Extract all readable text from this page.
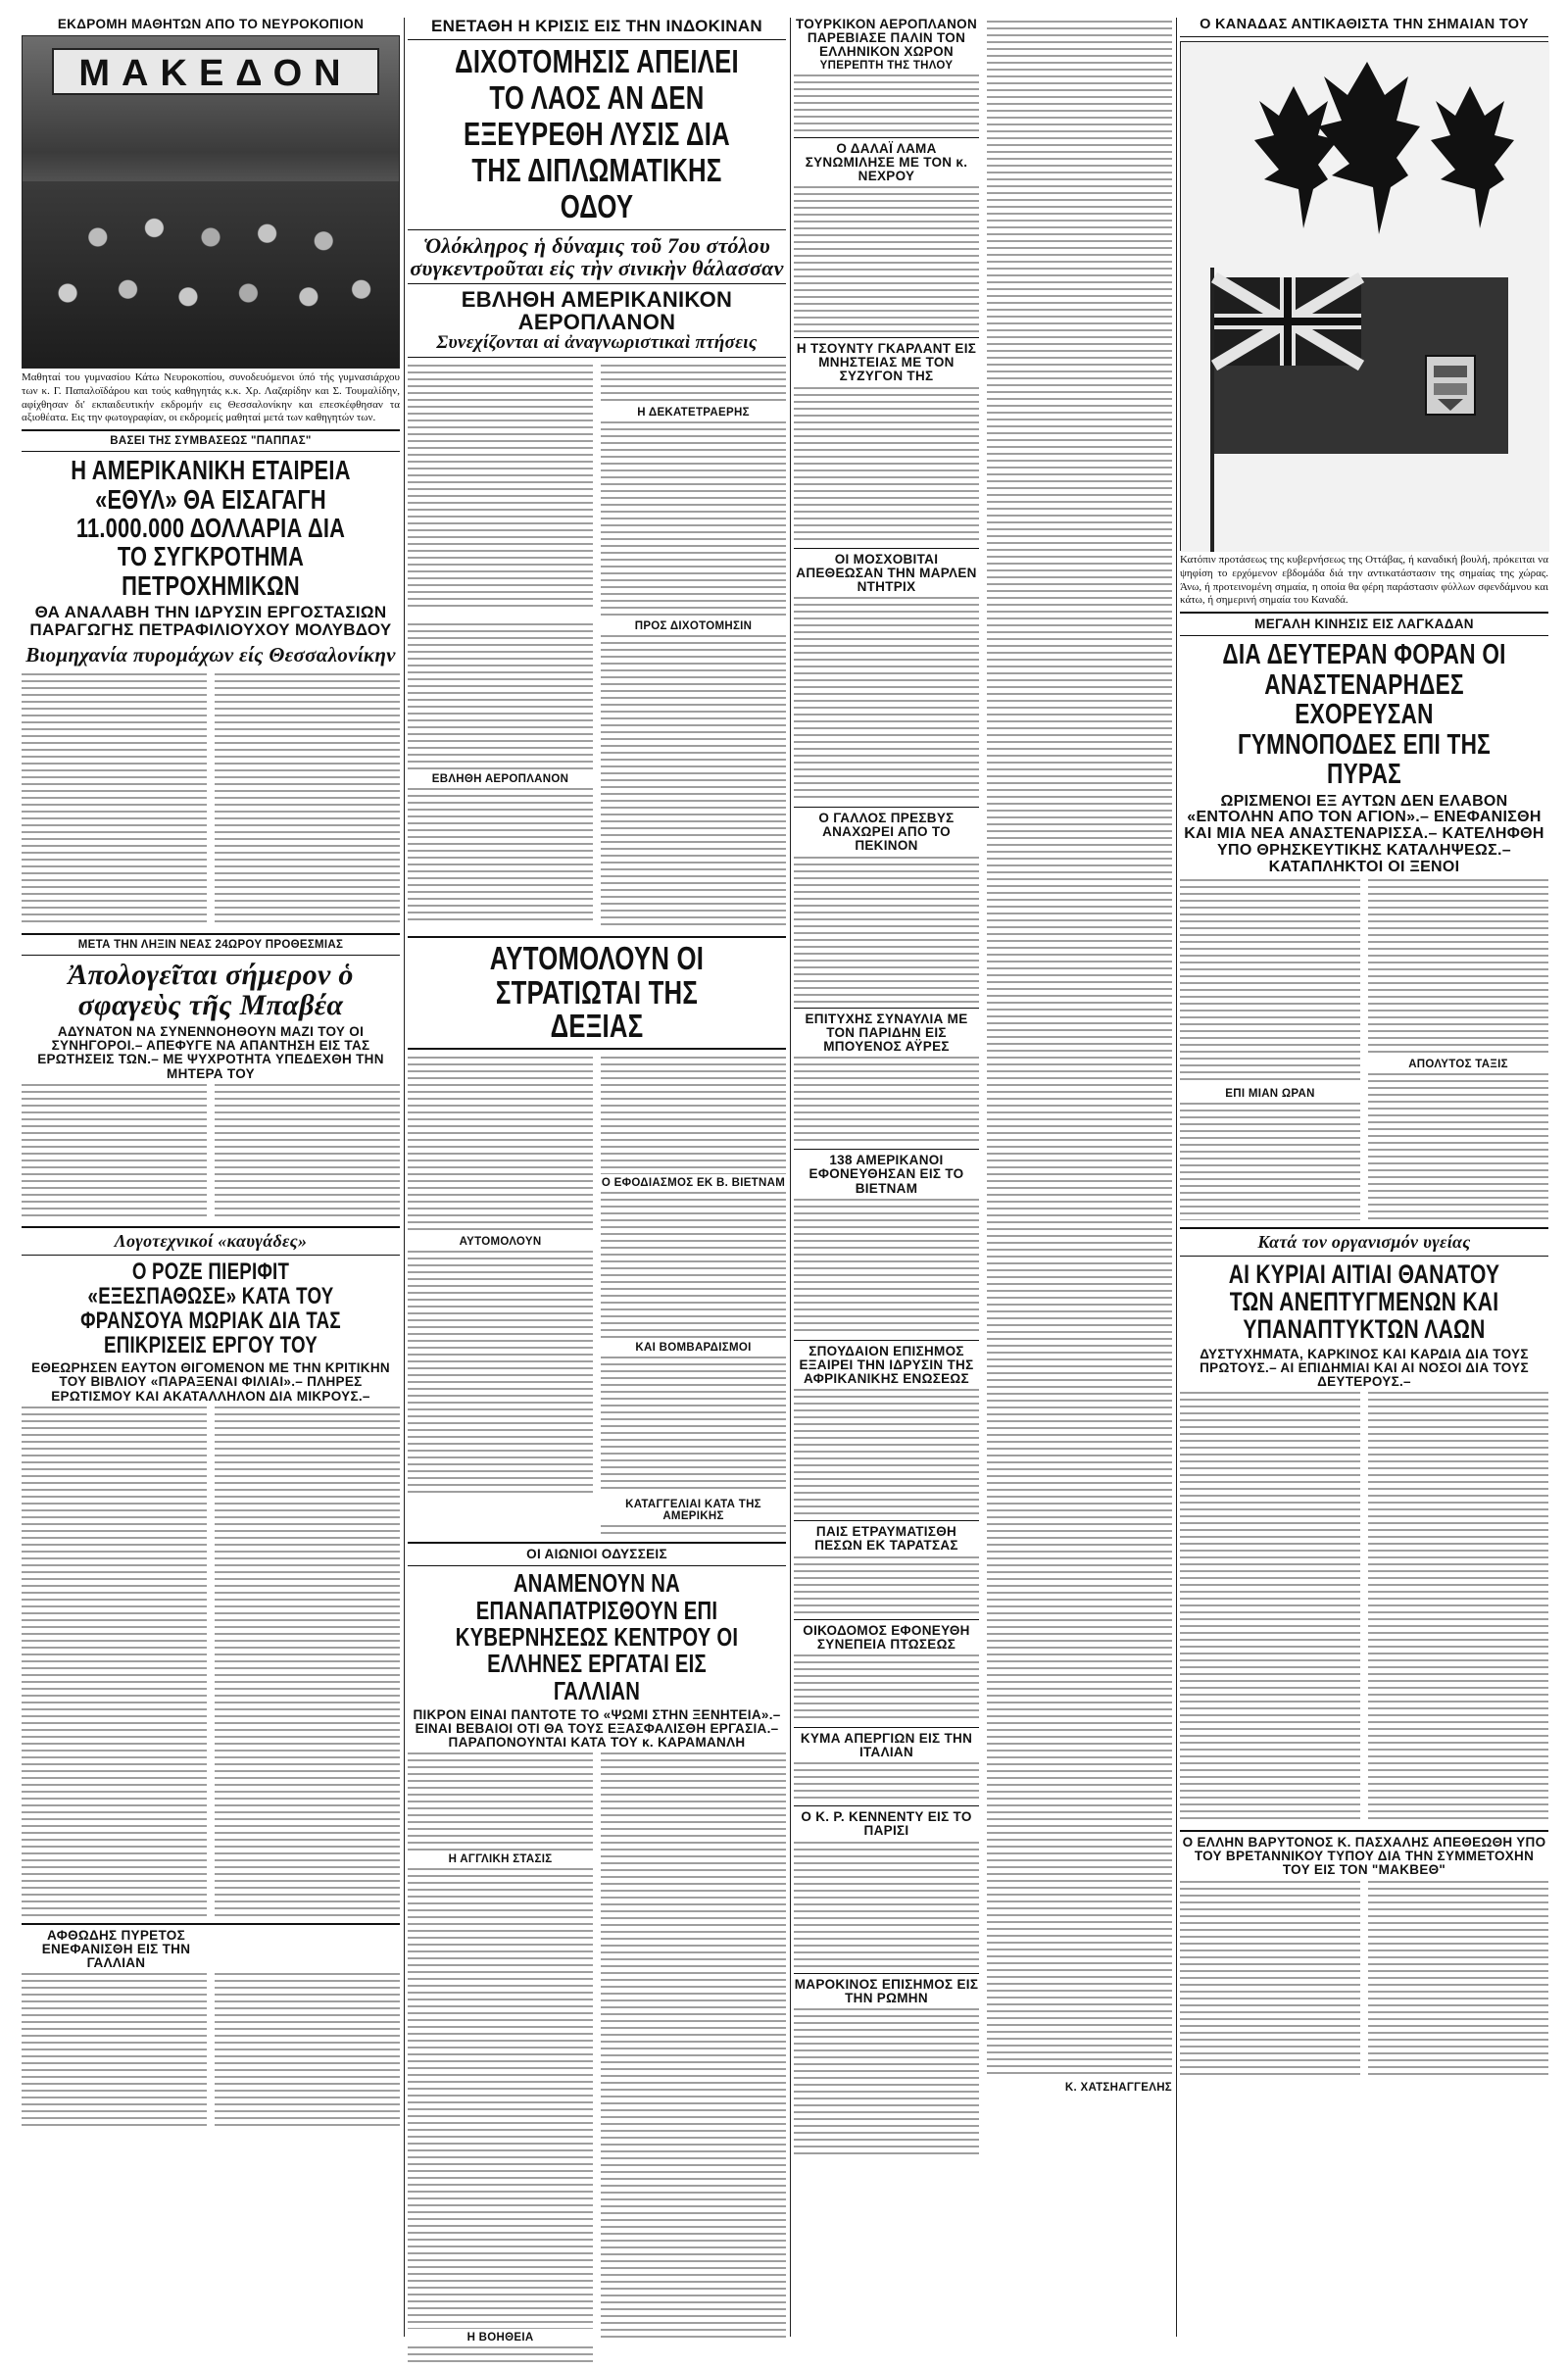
ΕΚΔΡΟΜΗ ΜΑΘΗΤΩΝ ΑΠΟ ΤΟ ΝΕΥΡΟΚΟΠΙΟΝ
ΜΑΚΕΔΟΝ
Μαθηταί του γυμνασίου Κάτω Νευροκοπίου, συνοδευόμενοι ύπό τής γυμνασιάρχου των κ. Γ. Παπαλοϊδάρου και τούς καθηγητάς κ.κ. Χρ. Λαζαρίδην και Σ. Τουμαλίδην, αφίχθησαν δι' εκπαιδευτικήν εκδρομήν εις Θεσσαλονίκην και επεσκέφθησαν τα αξιοθέατα. Εις την φωτογραφίαν, οι εκδρομείς μαθηταί μετά των καθηγητών των.
ΒΑΣΕΙ ΤΗΣ ΣΥΜΒΑΣΕΩΣ "ΠΑΠΠΑΣ"
Η ΑΜΕΡΙΚΑΝΙΚΗ ΕΤΑΙΡΕΙΑ «ΕΘΥΛ» ΘΑ ΕΙΣΑΓΑΓΗ 11.000.000 ΔΟΛΛΑΡΙΑ ΔΙΑ ΤΟ ΣΥΓΚΡΟΤΗΜΑ ΠΕΤΡΟΧΗΜΙΚΩΝ
ΘΑ ΑΝΑΛΑΒΗ ΤΗΝ ΙΔΡΥΣΙΝ ΕΡΓΟΣΤΑΣΙΩΝ ΠΑΡΑΓΩΓΗΣ ΠΕΤΡΑΦΙΛΙΟΥΧΟΥ ΜΟΛΥΒΔΟΥ
Βιομηχανία πυρομάχων είς Θεσσαλονίκην
ΜΕΤΑ ΤΗΝ ΛΗΞΙΝ ΝΕΑΣ 24ΩΡΟΥ ΠΡΟΘΕΣΜΙΑΣ
Ἀπολογεῖται σήμερον ὁ σφαγεὺς τῆς Μπαβέα
ΑΔΥΝΑΤΟΝ ΝΑ ΣΥΝΕΝΝΟΗΘΟΥΝ ΜΑΖΙ ΤΟΥ ΟΙ ΣΥΝΗΓΟΡΟΙ.– ΑΠΕΦΥΓΕ ΝΑ ΑΠΑΝΤΗΣΗ ΕΙΣ ΤΑΣ ΕΡΩΤΗΣΕΙΣ ΤΩΝ.– ΜΕ ΨΥΧΡΟΤΗΤΑ ΥΠΕΔΕΧΘΗ ΤΗΝ ΜΗΤΕΡΑ ΤΟΥ
Λογοτεχνικοί «καυγάδες»
Ο ΡΟΖΕ ΠΙΕΡΙΦΙΤ «ΕΞΕΣΠΑΘΩΣΕ» ΚΑΤΑ ΤΟΥ ΦΡΑΝΣΟΥΑ ΜΩΡΙΑΚ ΔΙΑ ΤΑΣ ΕΠΙΚΡΙΣΕΙΣ ΕΡΓΟΥ ΤΟΥ
ΕΘΕΩΡΗΣΕΝ ΕΑΥΤΟΝ ΘΙΓΟΜΕΝΟΝ ΜΕ ΤΗΝ ΚΡΙΤΙΚΗΝ ΤΟΥ ΒΙΒΛΙΟΥ «ΠΑΡΑΞΕΝΑΙ ΦΙΛΙΑΙ».– ΠΛΗΡΕΣ ΕΡΩΤΙΣΜΟΥ ΚΑΙ ΑΚΑΤΑΛΛΗΛΟΝ ΔΙΑ ΜΙΚΡΟΥΣ.–
ΑΦΘΩΔΗΣ ΠΥΡΕΤΟΣ ΕΝΕΦΑΝΙΣΘΗ ΕΙΣ ΤΗΝ ΓΑΛΛΙΑΝ
ΕΝΕΤΑΘΗ Η ΚΡΙΣΙΣ ΕΙΣ ΤΗΝ ΙΝΔΟΚΙΝΑΝ
ΔΙΧΟΤΟΜΗΣΙΣ ΑΠΕΙΛΕΙ ΤΟ ΛΑΟΣ ΑΝ ΔΕΝ ΕΞΕΥΡΕΘΗ ΛΥΣΙΣ ΔΙΑ ΤΗΣ ΔΙΠΛΩΜΑΤΙΚΗΣ ΟΔΟΥ
Ὁλόκληρος ἡ δύναμις τοῦ 7ου στόλου συγκεντροῦται εἰς τὴν σινικὴν θάλασσαν
ΕΒΛΗΘΗ ΑΜΕΡΙΚΑΝΙΚΟΝ ΑΕΡΟΠΛΑΝΟΝ
Συνεχίζονται αἱ ἀναγνωριστικαὶ πτήσεις
Η ΔΕΚΑΤΕΤΡΑΕΡΗΣ
ΕΒΛΗΘΗ ΑΕΡΟΠΛΑΝΟΝ
ΠΡΟΣ ΔΙΧΟΤΟΜΗΣΙΝ
ΑΥΤΟΜΟΛΟΥΝ ΟΙ ΣΤΡΑΤΙΩΤΑΙ ΤΗΣ ΔΕΞΙΑΣ
ΑΥΤΟΜΟΛΟΥΝ
Ο ΕΦΟΔΙΑΣΜΟΣ ΕΚ Β. ΒΙΕΤΝΑΜ
ΚΑΙ ΒΟΜΒΑΡΔΙΣΜΟΙ
ΚΑΤΑΓΓΕΛΙΑΙ ΚΑΤΑ ΤΗΣ ΑΜΕΡΙΚΗΣ
ΟΙ ΑΙΩΝΙΟΙ ΟΔΥΣΣΕΙΣ
ΑΝΑΜΕΝΟΥΝ ΝΑ ΕΠΑΝΑΠΑΤΡΙΣΘΟΥΝ ΕΠΙ ΚΥΒΕΡΝΗΣΕΩΣ ΚΕΝΤΡΟΥ ΟΙ ΕΛΛΗΝΕΣ ΕΡΓΑΤΑΙ ΕΙΣ ΓΑΛΛΙΑΝ
ΠΙΚΡΟΝ ΕΙΝΑΙ ΠΑΝΤΟΤΕ ΤΟ «ΨΩΜΙ ΣΤΗΝ ΞΕΝΗΤΕΙΑ».– ΕΙΝΑΙ ΒΕΒΑΙΟΙ ΟΤΙ ΘΑ ΤΟΥΣ ΕΞΑΣΦΑΛΙΣΘΗ ΕΡΓΑΣΙΑ.– ΠΑΡΑΠΟΝΟΥΝΤΑΙ ΚΑΤΑ ΤΟΥ κ. ΚΑΡΑΜΑΝΛΗ
Η ΑΓΓΛΙΚΗ ΣΤΑΣΙΣ
Η ΒΟΗΘΕΙΑ
ΤΟΥΡΚΙΚΟΝ ΑΕΡΟΠΛΑΝΟΝ ΠΑΡΕΒΙΑΣΕ ΠΑΛΙΝ ΤΟΝ ΕΛΛΗΝΙΚΟΝ ΧΩΡΟΝ
ΥΠΕΡΕΠΤΗ ΤΗΣ ΤΗΛΟΥ
Ο ΔΑΛΑΪ ΛΑΜΑ ΣΥΝΩΜΙΛΗΣΕ ΜΕ ΤΟΝ κ. ΝΕΧΡΟΥ
Η ΤΣΟΥΝΤΥ ΓΚΑΡΛΑΝΤ ΕΙΣ ΜΝΗΣΤΕΙΑΣ ΜΕ ΤΟΝ ΣΥΖΥΓΟΝ ΤΗΣ
ΟΙ ΜΟΣΧΟΒΙΤΑΙ ΑΠΕΘΕΩΣΑΝ ΤΗΝ ΜΑΡΛΕΝ ΝΤΗΤΡΙΧ
Ο ΓΑΛΛΟΣ ΠΡΕΣΒΥΣ ΑΝΑΧΩΡΕΙ ΑΠΟ ΤΟ ΠΕΚΙΝΟΝ
ΕΠΙΤΥΧΗΣ ΣΥΝΑΥΛΙΑ ΜΕ ΤΟΝ ΠΑΡΙΔΗΝ ΕΙΣ ΜΠΟΥΕΝΟΣ ΑΫΡΕΣ
138 ΑΜΕΡΙΚΑΝΟΙ ΕΦΟΝΕΥΘΗΣΑΝ ΕΙΣ ΤΟ ΒΙΕΤΝΑΜ
ΣΠΟΥΔΑΙΟΝ ΕΠΙΣΗΜΟΣ ΕΞΑΙΡΕΙ ΤΗΝ ΙΔΡΥΣΙΝ ΤΗΣ ΑΦΡΙΚΑΝΙΚΗΣ ΕΝΩΣΕΩΣ
ΠΑΙΣ ΕΤΡΑΥΜΑΤΙΣΘΗ ΠΕΣΩΝ ΕΚ ΤΑΡΑΤΣΑΣ
ΟΙΚΟΔΟΜΟΣ ΕΦΟΝΕΥΘΗ ΣΥΝΕΠΕΙΑ ΠΤΩΣΕΩΣ
ΚΥΜΑ ΑΠΕΡΓΙΩΝ ΕΙΣ ΤΗΝ ΙΤΑΛΙΑΝ
Ο Κ. Ρ. ΚΕΝΝΕΝΤΥ ΕΙΣ ΤΟ ΠΑΡΙΣΙ
ΜΑΡΟΚΙΝΟΣ ΕΠΙΣΗΜΟΣ ΕΙΣ ΤΗΝ ΡΩΜΗΝ
Κ. ΧΑΤΣΗΑΓΓΕΛΗΣ
Ο ΚΑΝΑΔΑΣ ΑΝΤΙΚΑΘΙΣΤΑ ΤΗΝ ΣΗΜΑΙΑΝ ΤΟΥ
Κατόπιν προτάσεως της κυβερνήσεως της Οττάβας, ή καναδική βουλή, πρόκειται να ψηφίση το ερχόμενον εβδομάδα διά την αντικατάστασιν της σημαίας της χώρας. Άνω, ή προτεινομένη σημαία, η οποία θα φέρη παράστασιν φύλλων σφενδάμνου και κάτω, ή σημερινή σημαία του Καναδά.
ΜΕΓΑΛΗ ΚΙΝΗΣΙΣ ΕΙΣ ΛΑΓΚΑΔΑΝ
ΔΙΑ ΔΕΥΤΕΡΑΝ ΦΟΡΑΝ ΟΙ ΑΝΑΣΤΕΝΑΡΗΔΕΣ ΕΧΟΡΕΥΣΑΝ ΓΥΜΝΟΠΟΔΕΣ ΕΠΙ ΤΗΣ ΠΥΡΑΣ
ΩΡΙΣΜΕΝΟΙ ΕΞ ΑΥΤΩΝ ΔΕΝ ΕΛΑΒΟΝ «ΕΝΤΟΛΗΝ ΑΠΟ ΤΟΝ ΑΓΙΟΝ».– ΕΝΕΦΑΝΙΣΘΗ ΚΑΙ ΜΙΑ ΝΕΑ ΑΝΑΣΤΕΝΑΡΙΣΣΑ.– ΚΑΤΕΛΗΦΘΗ ΥΠΟ ΘΡΗΣΚΕΥΤΙΚΗΣ ΚΑΤΑΛΗΨΕΩΣ.– ΚΑΤΑΠΛΗΚΤΟΙ ΟΙ ΞΕΝΟΙ
ΕΠΙ ΜΙΑΝ ΩΡΑΝ
ΑΠΟΛΥΤΟΣ ΤΑΞΙΣ
Κατά τον οργανισμόν υγείας
ΑΙ ΚΥΡΙΑΙ ΑΙΤΙΑΙ ΘΑΝΑΤΟΥ ΤΩΝ ΑΝΕΠΤΥΓΜΕΝΩΝ ΚΑΙ ΥΠΑΝΑΠΤΥΚΤΩΝ ΛΑΩΝ
ΔΥΣΤΥΧΗΜΑΤΑ, ΚΑΡΚΙΝΟΣ ΚΑΙ ΚΑΡΔΙΑ ΔΙΑ ΤΟΥΣ ΠΡΩΤΟΥΣ.– ΑΙ ΕΠΙΔΗΜΙΑΙ ΚΑΙ ΑΙ ΝΟΣΟΙ ΔΙΑ ΤΟΥΣ ΔΕΥΤΕΡΟΥΣ.–
Ο ΕΛΛΗΝ ΒΑΡΥΤΟΝΟΣ Κ. ΠΑΣΧΑΛΗΣ ΑΠΕΘΕΩΘΗ ΥΠΟ ΤΟΥ ΒΡΕΤΑΝΝΙΚΟΥ ΤΥΠΟΥ ΔΙΑ ΤΗΝ ΣΥΜΜΕΤΟΧΗΝ ΤΟΥ ΕΙΣ ΤΟΝ "ΜΑΚΒΕΘ"
